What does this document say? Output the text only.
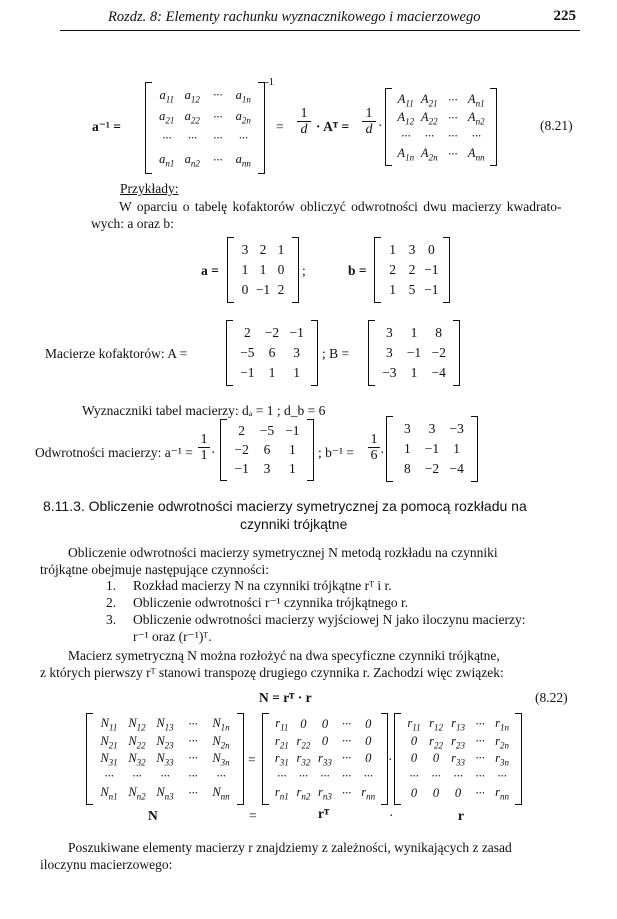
Rozdz. 8: Elementy rachunku wyznacznikowego i macierzowego	225
a⁻¹ =
$a_{11}$ $a_{12}$	···	$a_{1n}$
$a_{21}$ $a_{22}$	···	$a_{2n}$
···	···	···	···
$a_{n1}$ $a_{n2}$	···	$a_{nn}$
-1
= $\frac{1}{d}$ · Aᵀ = $\frac{1}{d}$ ·
$A_{11}$ $A_{21}$ ··· $A_{n1}$
$A_{12}$ $A_{22}$ ··· $A_{n2}$
···	···	···	···
$A_{1n}$ $A_{2n}$ ··· $A_{nn}$
(8.21)
Przykłady:
W oparciu o tabelę kofaktorów obliczyć odwrotności dwu macierzy kwadrato-
wych: a oraz b:
a =
3 2 1
1 1 0
0 −1 2
;	b =
1 3 0
2 2 −1
1 5 −1
Macierze kofaktorów: A =
2	−2 −1
−5	6	3
−1	1	1
; B =
3	1	8
3	−1 −2
−3	1	−4
Wyznaczniki tabel macierzy: dₐ = 1 ; d_b = 6
Odwrotności macierzy: $a^{-1} = \frac{1}{1}$ ·
2	−5 −1
−2	6	1
−1	3	1
; $b^{-1} = \frac{1}{6}$ ·
3	3	−3
1	−1	1
8	−2 −4
8.11.3. Obliczenie odwrotności macierzy symetrycznej za pomocą rozkładu na
czynniki trójkątne
Obliczenie odwrotności macierzy symetrycznej N metodą rozkładu na czynniki
trójkątne obejmuje następujące czynności:
1. Rozkład macierzy N na czynniki trójkątne rᵀ i r.
2. Obliczenie odwrotności r⁻¹ czynnika trójkątnego r.
3. Obliczenie odwrotności macierzy wyjściowej N jako iloczynu macierzy:
r⁻¹ oraz (r⁻¹)ᵀ.
Macierz symetryczną N można rozłożyć na dwa specyficzne czynniki trójkątne,
z których pierwszy rᵀ stanowi transpozę drugiego czynnika r. Zachodzi więc związek:
N = rᵀ · r	(8.22)
$N_{11}$ $N_{12}$ $N_{13}$	···	$N_{1n}$
$N_{21}$ $N_{22}$ $N_{23}$	···	$N_{2n}$
$N_{31}$ $N_{32}$ $N_{33}$	···	$N_{3n}$
···	···	···	···	···
$N_{n1}$ $N_{n2}$ $N_{n3}$	···	$N_{nn}$
=
$r_{11}$ 0	0	···	0
$r_{21}$ $r_{22}$ 0	···	0
$r_{31}$ $r_{32}$ $r_{33}$ ···	0
··· ··· ··· ··· ···
$r_{n1}$ $r_{n2}$ $r_{n3}$ ··· $r_{nn}$
·
$r_{11}$ $r_{12}$ $r_{13}$ ··· $r_{1n}$
0 $r_{22}$ $r_{23}$ ··· $r_{2n}$
0	0 $r_{33}$ ··· $r_{3n}$
···	···	···	···	···
0	0	0	··· $r_{nn}$
N	=	rᵀ	·	r
Poszukiwane elementy macierzy r znajdziemy z zależności, wynikających z zasad
iloczynu macierzowego:
